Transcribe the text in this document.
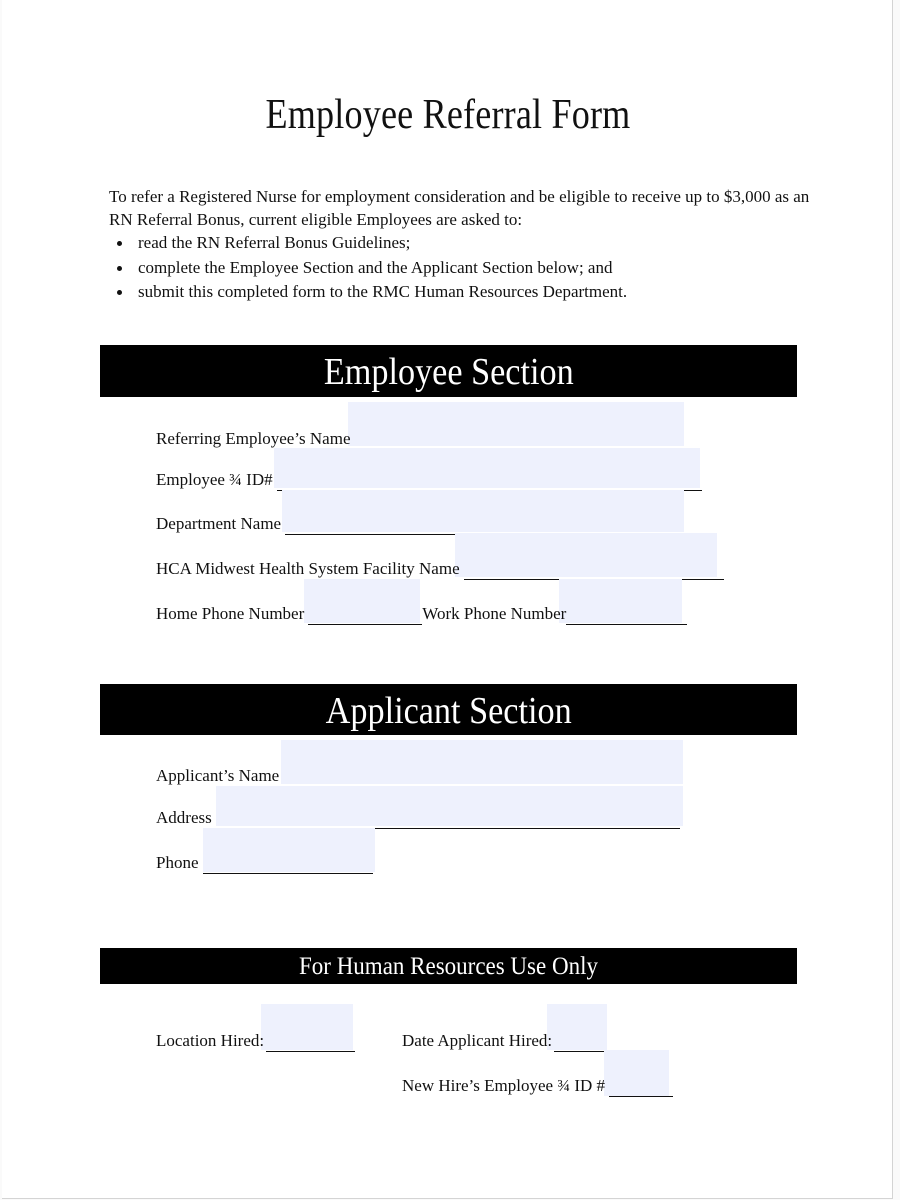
Employee Referral Form

To refer a Registered Nurse for employment consideration and be eligible to receive up to $3,000 as an

RN Referral Bonus, current eligible Employees are asked to:

read the RN Referral Bonus Guidelines;
complete the Employee Section and the Applicant Section below; and
submit this completed form to the RMC Human Resources Department.
Employee Section
Referring Employee’s Name
Employee ¾ ID#
Department Name
HCA Midwest Health System Facility Name
Home Phone Number	Work Phone Number
Applicant Section
Applicant’s Name
Address
Phone
For Human Resources Use Only
Location Hired:	Date Applicant Hired:
New Hire’s Employee ¾ ID #
